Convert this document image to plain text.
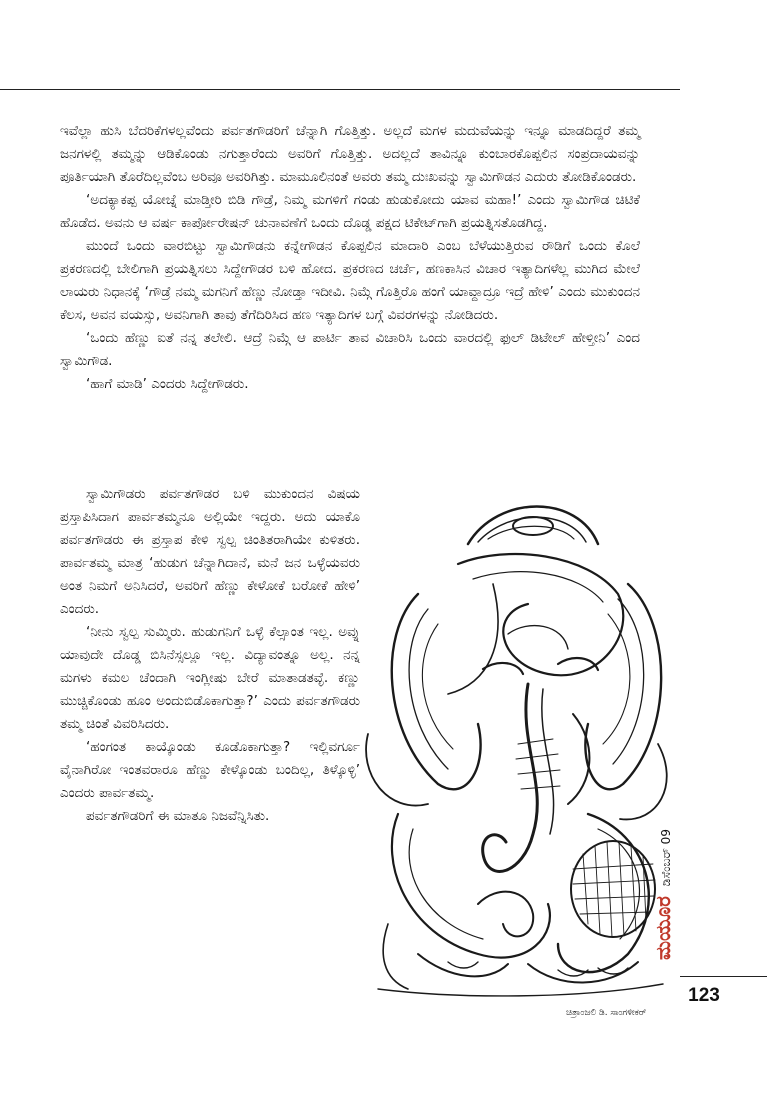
ಇವೆಲ್ಲಾ ಹುಸಿ ಬೆದರಿಕೆಗಳಲ್ಲವೆಂದು ಪರ್ವತಗೌಡರಿಗೆ ಚೆನ್ನಾಗಿ ಗೊತ್ತಿತ್ತು. ಅಲ್ಲದೆ ಮಗಳ ಮದುವೆಯನ್ನು ಇನ್ನೂ ಮಾಡದಿದ್ದರೆ ತಮ್ಮ ಜನಗಳಲ್ಲಿ ತಮ್ಮನ್ನು ಆಡಿಕೊಂಡು ನಗುತ್ತಾರೆಂದು ಅವರಿಗೆ ಗೊತ್ತಿತ್ತು. ಅದಲ್ಲದೆ ತಾವಿನ್ನೂ ಕುಂಬಾರಕೊಪ್ಪಲಿನ ಸಂಪ್ರದಾಯವನ್ನು ಪೂರ್ತಿಯಾಗಿ ತೊರೆದಿಲ್ಲವೆಂಬ ಅರಿವೂ ಅವರಿಗಿತ್ತು. ಮಾಮೂಲಿನಂತೆ ಅವರು ತಮ್ಮ ದುಃಖವನ್ನು ಸ್ವಾಮಿಗೌಡನ ಎದುರು ತೋಡಿಕೊಂಡರು.

‘ಅದಕ್ಯಾಕಪ್ಪ ಯೋಚ್ನೆ ಮಾಡ್ತೀರಿ ಬಿಡಿ ಗೌಡ್ರೆ, ನಿಮ್ಮ ಮಗಳಿಗೆ ಗಂಡು ಹುಡುಕೋದು ಯಾವ ಮಹಾ!’ ಎಂದು ಸ್ವಾಮಿಗೌಡ ಚಿಟಿಕೆ ಹೊಡೆದ. ಅವನು ಆ ವರ್ಷ ಕಾರ್ಪೋರೇಷನ್ ಚುನಾವಣೆಗೆ ಒಂದು ದೊಡ್ಡ ಪಕ್ಷದ ಟಿಕೇಟ್‌ಗಾಗಿ ಪ್ರಯತ್ನಿಸತೊಡಗಿದ್ದ.

ಮುಂದೆ ಒಂದು ವಾರಬಿಟ್ಟು ಸ್ವಾಮಿಗೌಡನು ಕನ್ನೇಗೌಡನ ಕೊಪ್ಪಲಿನ ಮಾದಾರಿ ಎಂಬ ಬೆಳೆಯುತ್ತಿರುವ ರೌಡಿಗೆ ಒಂದು ಕೊಲೆ ಪ್ರಕರಣದಲ್ಲಿ ಬೇಲಿಗಾಗಿ ಪ್ರಯತ್ನಿಸಲು ಸಿದ್ದೇಗೌಡರ ಬಳಿ ಹೋದ. ಪ್ರಕರಣದ ಚರ್ಚೆ, ಹಣಕಾಸಿನ ವಿಚಾರ ಇತ್ಯಾದಿಗಳೆಲ್ಲ ಮುಗಿದ ಮೇಲೆ ಲಾಯರು ನಿಧಾನಕ್ಕೆ ‘ಗೌಡ್ರೆ ನಮ್ಮ ಮಗನಿಗೆ ಹೆಣ್ಣು ನೋಡ್ತಾ ಇದೀವಿ. ನಿಮ್ಗೆ ಗೊತ್ತಿರೊ ಹಂಗೆ ಯಾವ್ದಾದ್ರೂ ಇದ್ರೆ ಹೇಳಿ’ ಎಂದು ಮುಕುಂದನ ಕೆಲಸ, ಅವನ ವಯಸ್ಸು, ಅವನಿಗಾಗಿ ತಾವು ತೆಗೆದಿರಿಸಿದ ಹಣ ಇತ್ಯಾದಿಗಳ ಬಗ್ಗೆ ವಿವರಗಳನ್ನು ನೋಡಿದರು.

‘ಒಂದು ಹೆಣ್ಣು ಐತೆ ನನ್ನ ತಲೇಲಿ. ಆದ್ರೆ ನಿಮ್ಗೆ ಆ ಪಾರ್ಟಿ ತಾವ ವಿಚಾರಿಸಿ ಒಂದು ವಾರದಲ್ಲಿ ಫುಲ್ ಡಿಟೇಲ್ ಹೇಳ್ತೀನಿ’ ಎಂದ ಸ್ವಾಮಿಗೌಡ.

‘ಹಾಗೆ ಮಾಡಿ’ ಎಂದರು ಸಿದ್ದೇಗೌಡರು.

ಸ್ವಾಮಿಗೌಡರು ಪರ್ವತಗೌಡರ ಬಳಿ ಮುಕುಂದನ ವಿಷಯ ಪ್ರಸ್ತಾಪಿಸಿದಾಗ ಪಾರ್ವತಮ್ಮನೂ ಅಲ್ಲಿಯೇ ಇದ್ದರು. ಅದು ಯಾಕೊ ಪರ್ವತಗೌಡರು ಈ ಪ್ರಸ್ತಾಪ ಕೇಳಿ ಸ್ವಲ್ಪ ಚಿಂತಿತರಾಗಿಯೇ ಕುಳಿತರು. ಪಾರ್ವತಮ್ಮ ಮಾತ್ರ ‘ಹುಡುಗ ಚೆನ್ನಾಗಿದಾನೆ, ಮನೆ ಜನ ಒಳ್ಳೆಯವರು ಅಂತ ನಿಮಗೆ ಅನಿಸಿದರೆ, ಅವರಿಗೆ ಹೆಣ್ಣು ಕೇಳೋಕೆ ಬರೋಕೆ ಹೇಳಿ’ ಎಂದರು.

‘ನೀನು ಸ್ವಲ್ಪ ಸುಮ್ಮಿರು. ಹುಡುಗನಿಗೆ ಒಳ್ಳೆ ಕೆಲ್ಸಾಂತ ಇಲ್ಲ. ಅವ್ನು ಯಾವುದೇ ದೊಡ್ಡ ಬಿಸಿನೆಸ್ಸಲ್ಲೂ ಇಲ್ಲ. ವಿದ್ಯಾವಂತ್ನೂ ಅಲ್ಲ. ನನ್ನ ಮಗಳು ಕಮಲ ಚೆಂದಾಗಿ ಇಂಗ್ಲೀಷು ಬೇರೆ ಮಾತಾಡತವ್ಳೆ. ಕಣ್ಣು ಮುಚ್ಚಿಕೊಂಡು ಹೂಂ ಅಂದುಬಿಡೊಕಾಗುತ್ತಾ?’ ಎಂದು ಪರ್ವತಗೌಡರು ತಮ್ಮ ಚಿಂತೆ ವಿವರಿಸಿದರು.

‘ಹಂಗಂತ ಕಾಯ್ಕೊಂಡು ಕೂಡೊಕಾಗುತ್ತಾ? ಇಲ್ಲಿವರ್ಗೂ ವೈನಾಗಿರೋ ಇಂತವರಾರೂ ಹೆಣ್ಣು ಕೇಳ್ಕೊಂಡು ಬಂದಿಲ್ಲ, ತಿಳ್ಕೊಳ್ಳಿ’ ಎಂದರು ಪಾರ್ವತಮ್ಮ.

ಪರ್ವತಗೌಡರಿಗೆ ಈ ಮಾತೂ ನಿಜವೆನ್ನಿಸಿತು.

ಚಿತ್ರಾಂಜಲಿ ಡಿ. ಸಾಂಗಳೀಕರ್
ಮಯೂರ
ಡಿಸೆಂಬರ್ 09
123
